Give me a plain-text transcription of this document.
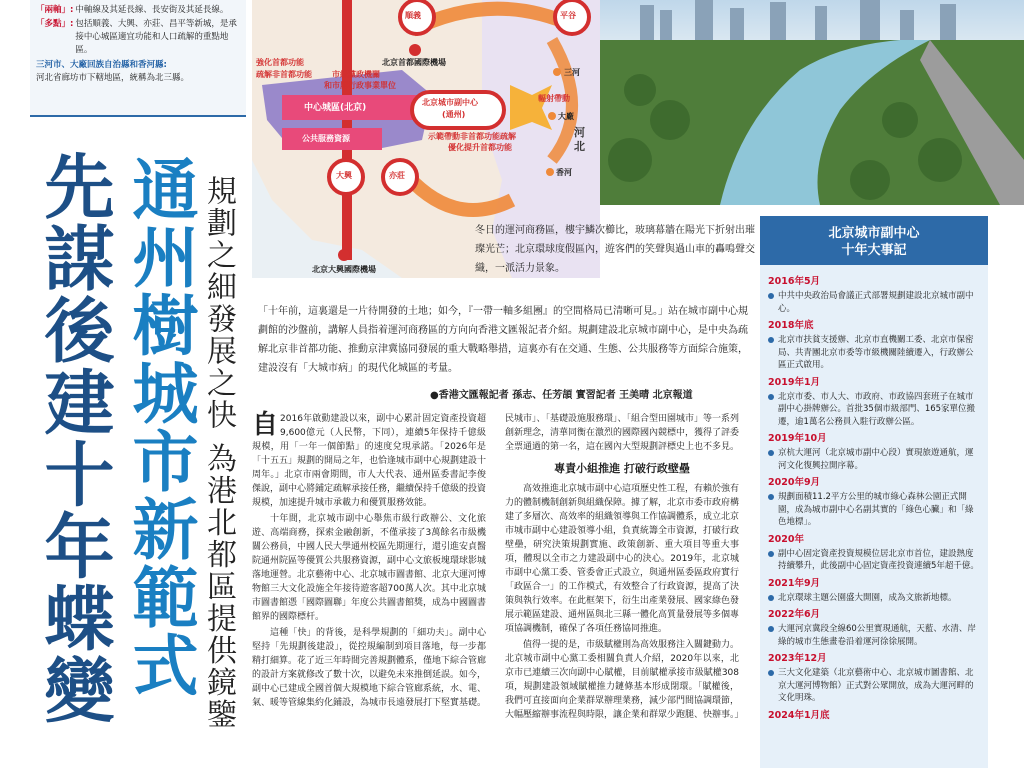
「兩軸」: 中軸線及其延長線、長安街及其延長線。
「多點」: 包括順義、大興、亦莊、昌平等新城，是承接中心城區適宜功能和人口疏解的重點地區。
三河市、大廠回族自治縣和香河縣:
河北省廊坊市下轄地區，統稱為北三縣。
順義	平谷
大興	亦莊
中心城區(北京)
北京城市副中心
(通州)
北京首都國際機場
北京大興國際機場
三河
大廠
香河
河
北
輻射帶動
強化首都功能
疏解非首都功能	市級黨政機關
和市屬行政事業單位
公共服務資源	示範帶動非首都功能疏解
優化提升首都功能
先謀後建十年蝶變 通州樹城市新範式 規劃之細發展之快 為港北都區提供鏡鑒	冬日的運河商務區，樓宇鱗次櫛比，玻璃幕牆在陽光下折射出璀璨光芒；北京環球度假區內，遊客們的笑聲與過山車的轟鳴聲交織，一派活力景象。
「十年前，這裏還是一片待開發的土地；如今，『一帶一軸多組團』的空間格局已清晰可見。」站在城市副中心規劃館的沙盤前，講解人員指着運河商務區的方向向香港文匯報記者介紹。規劃建設北京城市副中心，是中央為疏解北京非首都功能、推動京津冀協同發展的重大戰略舉措，這裏亦有在交通、生態、公共服務等方面綜合施策，建設沒有「大城市病」的現代化城區的考量。
●香港文匯報記者 孫志、任芳頡 實習記者 王美晴 北京報道

自 2016年啟動建設以來，副中心累計固定資產投資超9,600億元（人民幣，下同），連續5年保持千億級規模，用「一年一個節點」的速度兌現承諾。「2026年是「十五五」規劃的開局之年，也恰逢城市副中心規劃建設十周年。」北京市兩會期間，市人大代表、通州區委書記李俊傑說，副中心將鋪定疏解承接任務，繼續保持千億級的投資規模，加速提升城市承載力和優質服務效能。

十年間，北京城市副中心舉焦市級行政辦公、文化旅遊、高端商務，探索金融創新，不僅承接了3萬餘名市級機關公務員，中國人民大學通州校區先期運行，還引進安貞醫院通州院區等優質公共服務資源，副中心文旅板塊環球影城落地運營。北京藝術中心、北京城市圖書館、北京大運河博物館三大文化設施全年接待遊客超700萬人次。其中北京城市圖書館憑「國際圖聯」年度公共圖書館獎，成為中國圖書館界的國際標杆。

這種「快」的背後，是科學規劃的「細功夫」。副中心堅持「先規劃後建設」，從控規編制到項目落地，每一步都精打細算。花了近三年時間完善規劃體系，僅地下綜合管廊的設計方案就修改了數十次，以避免未來推倒延誤。如今，副中心已建成全國首個大規模地下綜合管廊系統，水、電、氣、暖等管線集約化鋪設，為城市長遠發展打下堅實基礎。

民城市」、「基礎設施服務環」、「組合型田園城市」等一系列創新理念，清華同衡在激烈的國際國內競標中，獲得了評委全票通過的第一名，這在國內大型規劃評標史上也不多見。

專責小組推進 打破行政壁壘

高效推進北京城市副中心這項歷史性工程，有賴於強有力的體制機制創新與組織保障。據了解，北京市委市政府構建了多層次、高效率的組織領導與工作協調體系，成立北京市城市副中心建設領導小組，負責統籌全市資源，打破行政壁壘，研究決策規劃實施、政策創新、重大項目等重大事項，體現以全市之力建設副中心的決心。2019年，北京城市副中心黨工委、管委會正式設立，與通州區委區政府實行「政區合一」的工作模式，有效整合了行政資源，提高了決策與執行效率。在此框架下，衍生出產業發展、國家綠色發展示範區建設、通州區與北三縣一體化高質量發展等多個專項協調機制，確保了各項任務協同推進。

值得一提的是，市級賦權則為高效服務注入關鍵動力。北京城市副中心黨工委相關負責人介紹，2020年以來，北京市已連續三次向副中心賦權，目前賦權承接市級賦權308項，規劃建設領域賦權推力鏈條基本形成閉環。「賦權後，我們可直接面向企業群眾辦理業務，減少部門間協調環節，大幅壓縮辦事流程與時限，讓企業和群眾少跑腿、快辦事。」

北京城市副中心
十年大事記
2016年5月
中共中央政治局會議正式部署規劃建設北京城市副中心。
2018年底
北京市扶貧支援辦、北京市直機關工委、北京市保密局、共青團北京市委等市級機關陸續遷入，行政辦公區正式啟用。
2019年1月
北京市委、市人大、市政府、市政協四套班子在城市副中心掛牌辦公。首批35個市級部門、165家單位搬遷，逾1萬名公務員入駐行政辦公區。
2019年10月
京杭大運河（北京城市副中心段）實現旅遊通航，運河文化復興拉開序幕。
2020年9月
規劃面積11.2平方公里的城市綠心森林公園正式開園，成為城市副中心名副其實的「綠色心臟」和「綠色地標」。
2020年
副中心固定資產投資規模位居北京市首位，建設熱度持續攀升，此後副中心固定資產投資連續5年超千億。
2021年9月
北京環球主題公園盛大開園，成為文旅新地標。
2022年6月
大運河京冀段全線60公里實現通航，天藍、水清、岸綠的城市生態畫卷沿着運河徐徐展開。
2023年12月
三大文化建築（北京藝術中心、北京城市圖書館、北京大運河博物館）正式對公眾開放，成為大運河畔的文化明珠。
2024年1月底
